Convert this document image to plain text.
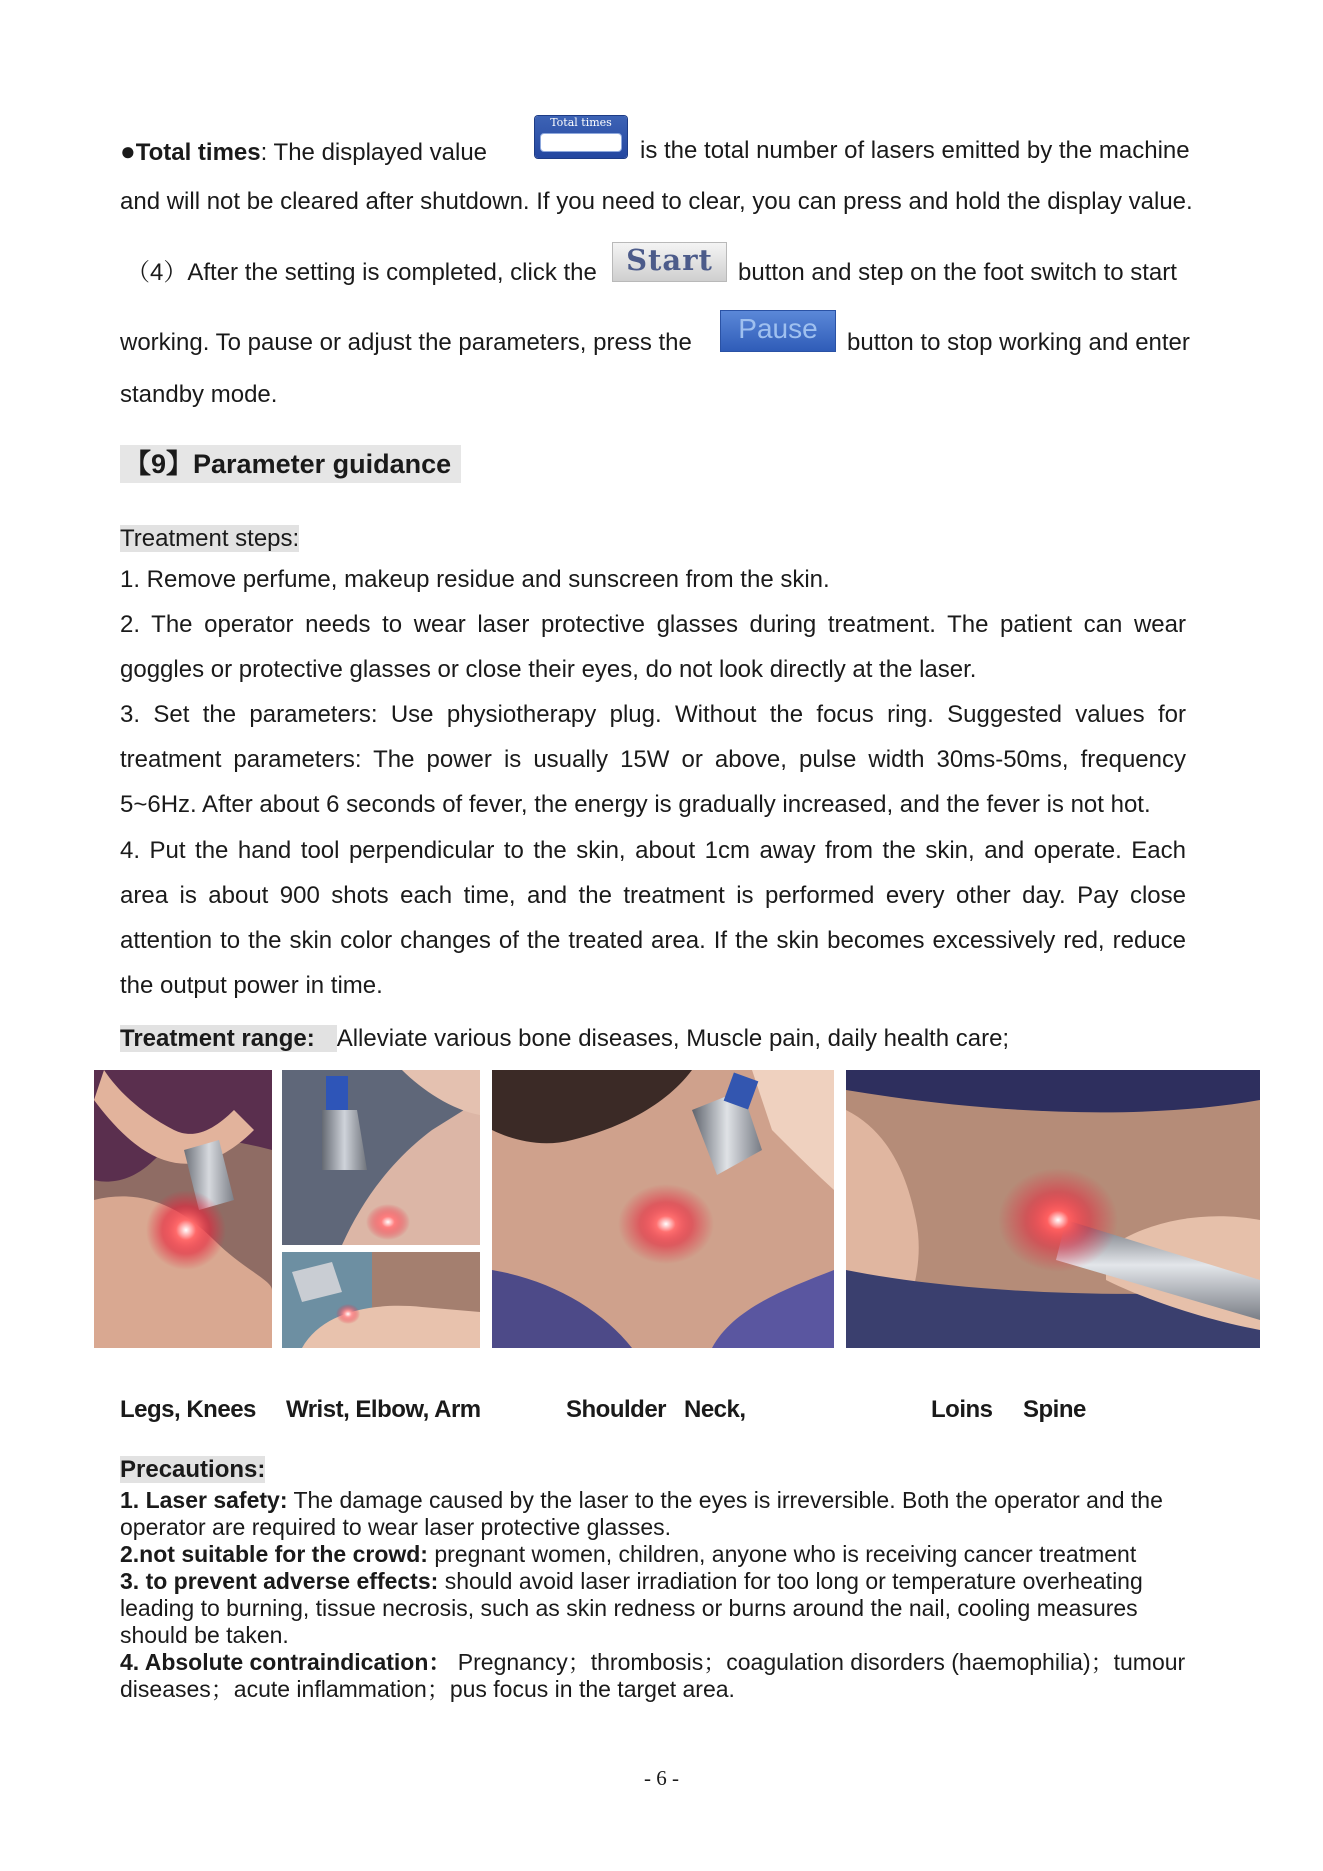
●Total times: The displayed value
Total times
is the total number of lasers emitted by the machine
and will not be cleared after shutdown. If you need to clear, you can press and hold the display value.
（4）After the setting is completed, click the	Start	button and step on the foot switch to start
working. To pause or adjust the parameters, press the	Pause	button to stop working and enter
standby mode.
【9】Parameter guidance
Treatment steps:
1. Remove perfume, makeup residue and sunscreen from the skin.
2. The operator needs to wear laser protective glasses during treatment. The patient can wear
goggles or protective glasses or close their eyes, do not look directly at the laser.
3. Set the parameters: Use physiotherapy plug. Without the focus ring. Suggested values for
treatment parameters: The power is usually 15W or above, pulse width 30ms-50ms, frequency
5~6Hz. After about 6 seconds of fever, the energy is gradually increased, and the fever is not hot.
4. Put the hand tool perpendicular to the skin, about 1cm away from the skin, and operate. Each
area is about 900 shots each time, and the treatment is performed every other day. Pay close
attention to the skin color changes of the treated area. If the skin becomes excessively red, reduce
the output power in time.
Treatment range: Alleviate various bone diseases, Muscle pain, daily health care;
Legs, Knees Wrist, Elbow, Arm	Shoulder Neck,	Loins Spine
Precautions:
1. Laser safety: The damage caused by the laser to the eyes is irreversible. Both the operator and the
operator are required to wear laser protective glasses.
2.not suitable for the crowd: pregnant women, children, anyone who is receiving cancer treatment
3. to prevent adverse effects: should avoid laser irradiation for too long or temperature overheating
leading to burning, tissue necrosis, such as skin redness or burns around the nail, cooling measures
should be taken.
4. Absolute contraindication： Pregnancy；thrombosis；coagulation disorders (haemophilia)；tumour
diseases；acute inflammation；pus focus in the target area.
- 6 -
